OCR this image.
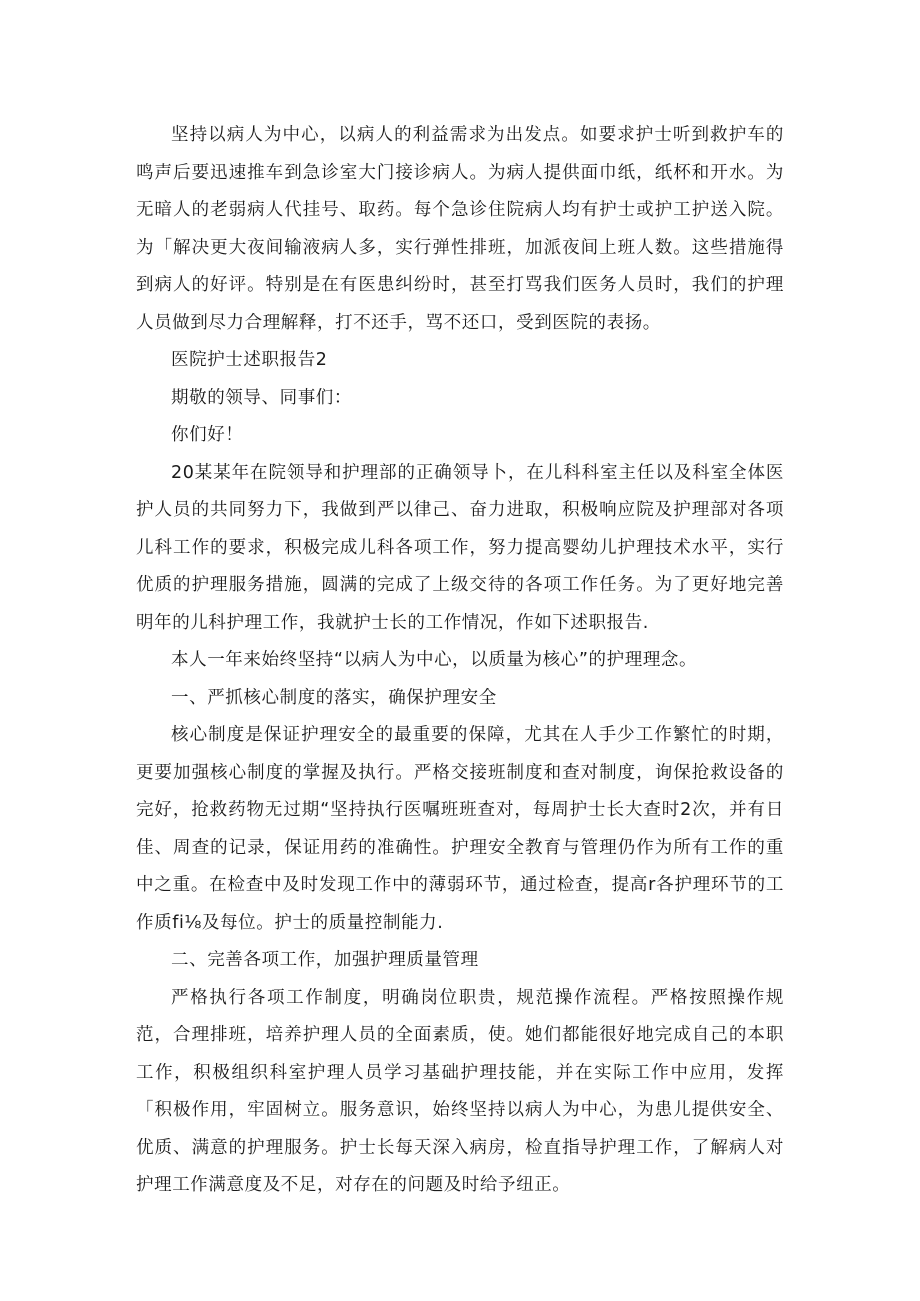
坚持以病人为中心，以病人的利益需求为出发点。如要求护士听到救护车的鸣声后要迅速推车到急诊室大门接诊病人。为病人提供面巾纸，纸杯和开水。为无暗人的老弱病人代挂号、取药。每个急诊住院病人均有护士或护工护送入院。为「解决更大夜间输液病人多，实行弹性排班，加派夜间上班人数。这些措施得到病人的好评。特别是在有医患纠纷时，甚至打骂我们医务人员时，我们的护理人员做到尽力合理解释，打不还手，骂不还口，受到医院的表扬。

医院护士述职报告2

期敬的领导、同事们：

你们好！

20某某年在院领导和护理部的正确领导卜，在儿科科室主任以及科室全体医护人员的共同努力下，我做到严以律己、奋力进取，积极响应院及护理部对各项儿科工作的要求，积极完成儿科各项工作，努力提高婴幼儿护理技术水平，实行优质的护理服务措施，圆满的完成了上级交待的各项工作任务。为了更好地完善明年的儿科护理工作，我就护士长的工作情况，作如下述职报告.

本人一年来始终坚持“以病人为中心，以质量为核心”的护理理念。

一、严抓核心制度的落实，确保护理安全

核心制度是保证护理安全的最重要的保障，尤其在人手少工作繁忙的时期，更要加强核心制度的掌握及执行。严格交接班制度和查对制度，询保抢救设备的完好，抢救药物无过期“坚持执行医嘱班班查对，每周护士长大查时2次，并有日佳、周查的记录，保证用药的准确性。护理安全教育与管理仍作为所有工作的重中之重。在检查中及时发现工作中的薄弱环节，通过检查，提高r各护理环节的工作质fi⅛及每位。护士的质量控制能力.

二、完善各项工作，加强护理质量管理

严格执行各项工作制度，明确岗位职贵，规范操作流程。严格按照操作规范，合理排班，培养护理人员的全面素质，使。她们都能很好地完成自己的本职工作，积极组织科室护理人员学习基础护理技能，并在实际工作中应用，发挥「积极作用，牢固树立。服务意识，始终坚持以病人为中心，为患儿提供安全、优质、满意的护理服务。护士长每天深入病房，检直指导护理工作，了解病人对护理工作满意度及不足，对存在的问题及时给予纽正。
